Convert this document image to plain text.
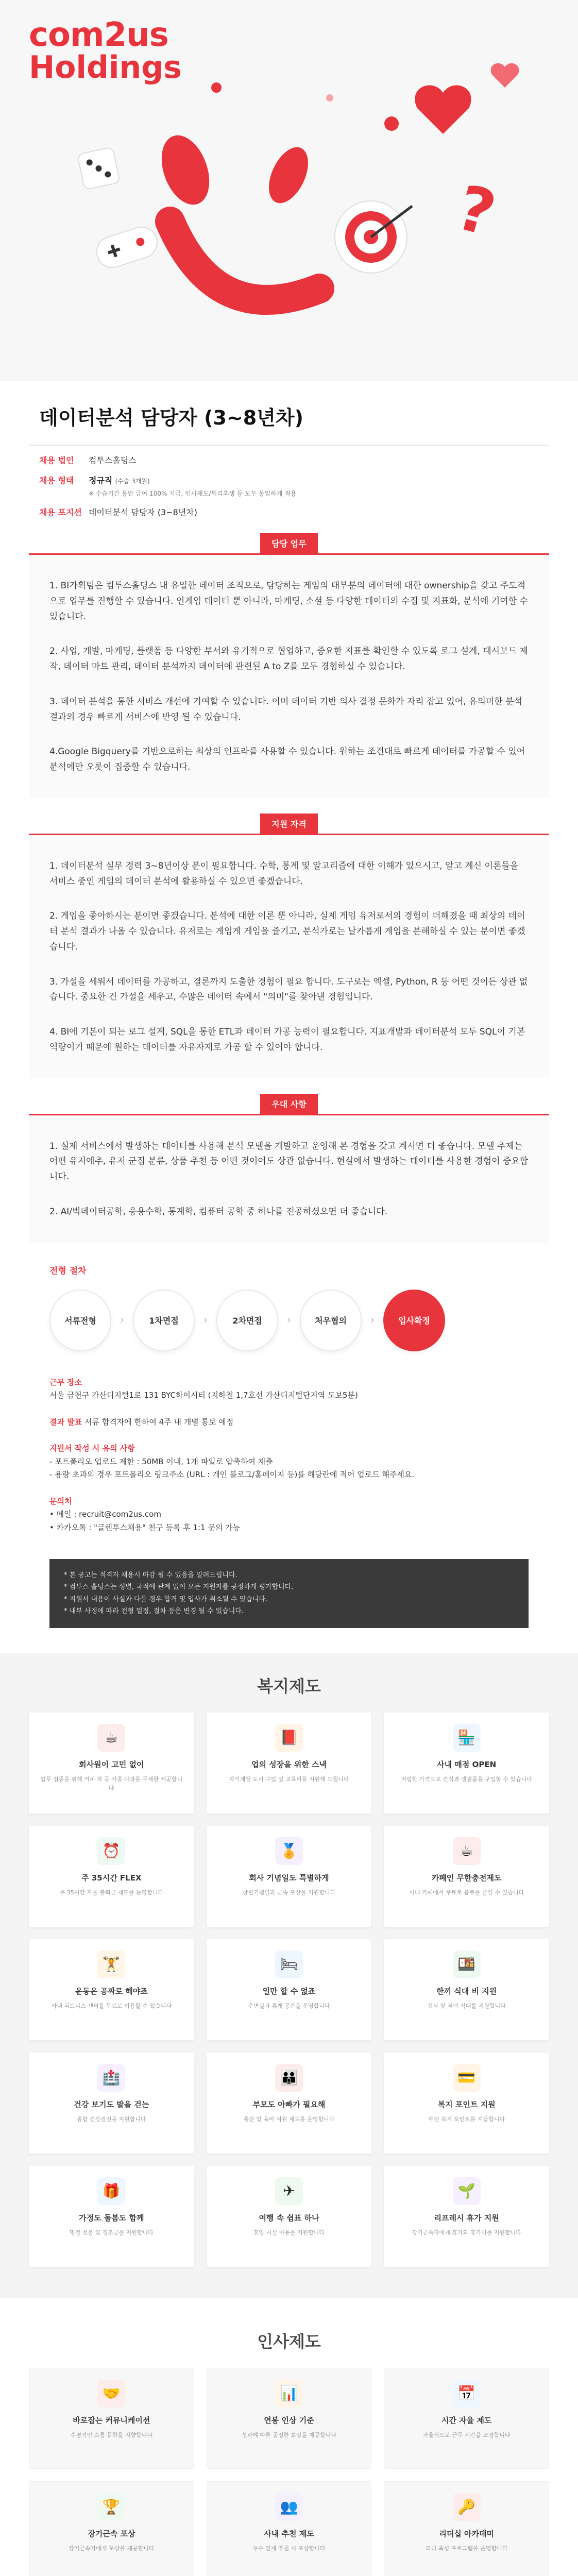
?
com2us
Holdings
데이터분석 담당자 (3~8년차)
채용 법인	컴투스홀딩스
채용 형태	정규직 (수습 3개월)
※ 수습기간 동안 급여 100% 지급, 인사제도/복리후생 등 모두 동일하게 적용
채용 포지션 데이터분석 담당자 (3~8년차)
담당 업무

1. BI가획팀은 컴투스홀딩스 내 유일한 데이터 조직으로, 담당하는 게임의 대부분의 데이터에 대한 ownership을 갖고 주도적으로 업무를 진행할 수 있습니다. 인게임 데이터 뿐 아니라, 마케팅, 소셜 등 다양한 데이터의 수집 및 지표화, 분석에 기여할 수 있습니다.

2. 사업, 개발, 마케팅, 플랫폼 등 다양한 부서와 유기적으로 협업하고, 중요한 지표를 확인할 수 있도록 로그 설계, 대시보드 제작, 데이터 마트 관리, 데이터 분석까지 데이터에 관련된 A to Z를 모두 경험하실 수 있습니다.

3. 데이터 분석을 통한 서비스 개선에 기여할 수 있습니다. 이미 데이터 기반 의사 결정 문화가 자리 잡고 있어, 유의미한 분석 결과의 경우 빠르게 서비스에 반영 될 수 있습니다.

4.Google Bigquery를 기반으로하는 최상의 인프라를 사용할 수 있습니다. 원하는 조건대로 빠르게 데이터를 가공할 수 있어 분석에만 오롯이 집중할 수 있습니다.

지원 자격

1. 데이터분석 실무 경력 3~8년이상 분이 필요합니다. 수학, 통계 및 알고리즘에 대한 이해가 있으시고, 알고 계신 이론들을 서비스 중인 게임의 데이터 분석에 활용하실 수 있으면 좋겠습니다.

2. 게임을 좋아하시는 분이면 좋겠습니다. 분석에 대한 이론 뿐 아니라, 실제 게임 유저로서의 경험이 더해졌을 때 최상의 데이터 분석 결과가 나올 수 있습니다. 유저로는 게임게 게임을 즐기고, 분석가로는 날카롭게 게임을 분해하실 수 있는 분이면 좋겠습니다.

3. 가설을 세워서 데이터를 가공하고, 결론까지 도출한 경험이 필요 합니다. 도구로는 엑셀, Python, R 등 어떤 것이든 상관 없습니다. 중요한 건 가설을 세우고, 수많은 데이터 속에서 "의미"를 찾아낸 경험입니다.

4. BI에 기본이 되는 로그 설계, SQL을 통한 ETL과 데이터 가공 능력이 필요합니다. 지표개발과 데이터분석 모두 SQL이 기본 역량이기 때문에 원하는 데이터를 자유자재로 가공 할 수 있어야 합니다.

우대 사항

1. 실제 서비스에서 발생하는 데이터를 사용해 분석 모델을 개발하고 운영해 본 경험을 갖고 계시면 더 좋습니다. 모델 추제는 어떤 유저에추, 유저 군집 분류, 상품 추천 등 어떤 것이어도 상관 없습니다. 현실에서 발생하는 데이터를 사용한 경험이 중요합니다.

2. AI/빅데이터공학, 응용수학, 통계학, 컴퓨터 공학 중 하나를 전공하셨으면 더 좋습니다.

전형 절차
서류전형	›	1차면접	›	2차면접	›	처우협의	›	입사확정
근무 장소
서울 금천구 가산디지털1로 131 BYC하이시티 (지하철 1,7호선 가산디지털단지역 도보5분)
결과 발표 서류 합격자에 한하여 4주 내 개별 통보 예정
지원서 작성 시 유의 사항
- 포트폴리오 업로드 제한 : 50MB 이내, 1개 파일로 압축하여 제출
- 용량 초과의 경우 포트폴리오 링크주소 (URL : 개인 블로그/홈페이지 등)를 해당란에 적어 업로드 해주세요.
문의처
• 메일 : recruit@com2us.com
• 카카오톡 : "글렌투스채용" 친구 등록 후 1:1 문의 가능
* 본 공고는 적격자 채용시 마감 될 수 있음을 알려드립니다.
* 컴투스 홀딩스는 성별, 국적에 관계 없이 모든 지원자를 공정하게 평가합니다.
* 지원서 내용이 사실과 다를 경우 합격 및 입사가 취소될 수 있습니다.
* 내부 사정에 따라 전형 일정, 절차 등은 변경 될 수 있습니다.
복지제도
☕
회사원이 고민 없이
업무 집중을 위해 커피·차 등 각종 다과를 무제한 제공합니다
📕
업의 성장을 위한 스낵
자기계발 도서 구입 및 교육비를 지원해 드립니다
🏪
사내 매점 OPEN
저렴한 가격으로 간식과 생필품을 구입할 수 있습니다
⏰
주 35시간 FLEX
주 35시간 자율 출퇴근 제도를 운영합니다
🏅
회사 기념일도 특별하게
창립기념일과 근속 포상을 지원합니다
☕
카페인 무한충전제도
사내 카페에서 무료로 음료를 즐길 수 있습니다
🏋
운동은 공짜로 해야죠
사내 피트니스 센터를 무료로 이용할 수 있습니다
🛏
일만 할 수 없죠
수면실과 휴게 공간을 운영합니다
🍱
한끼 식대 비 지원
점심 및 저녁 식대를 지원합니다
🏥
건강 보기도 발을 걷는
종합 건강검진을 지원합니다
👪
부모도 아빠가 필요해
출산 및 육아 지원 제도를 운영합니다
💳
복지 포인트 지원
매년 복지 포인트를 지급합니다
🎁
가정도 돌봄도 함께
명절 선물 및 경조금을 지원합니다
✈
여행 속 쉼표 하나
휴양 시설 이용을 지원합니다
🌱
리프레시 휴가 지원
장기근속자에게 휴가와 휴가비를 지원합니다
인사제도
🤝
바로잡는 커뮤니케이션
수평적인 소통 문화를 지향합니다
📊
연봉 인상 기준
성과에 따른 공정한 보상을 제공합니다
📅
시간 자율 제도
자율적으로 근무 시간을 조정합니다
🏆
장기근속 포상
장기근속자에게 포상을 제공합니다
👥
사내 추천 제도
우수 인재 추천 시 포상합니다
🔑
리더십 아카데미
리더 육성 프로그램을 운영합니다
